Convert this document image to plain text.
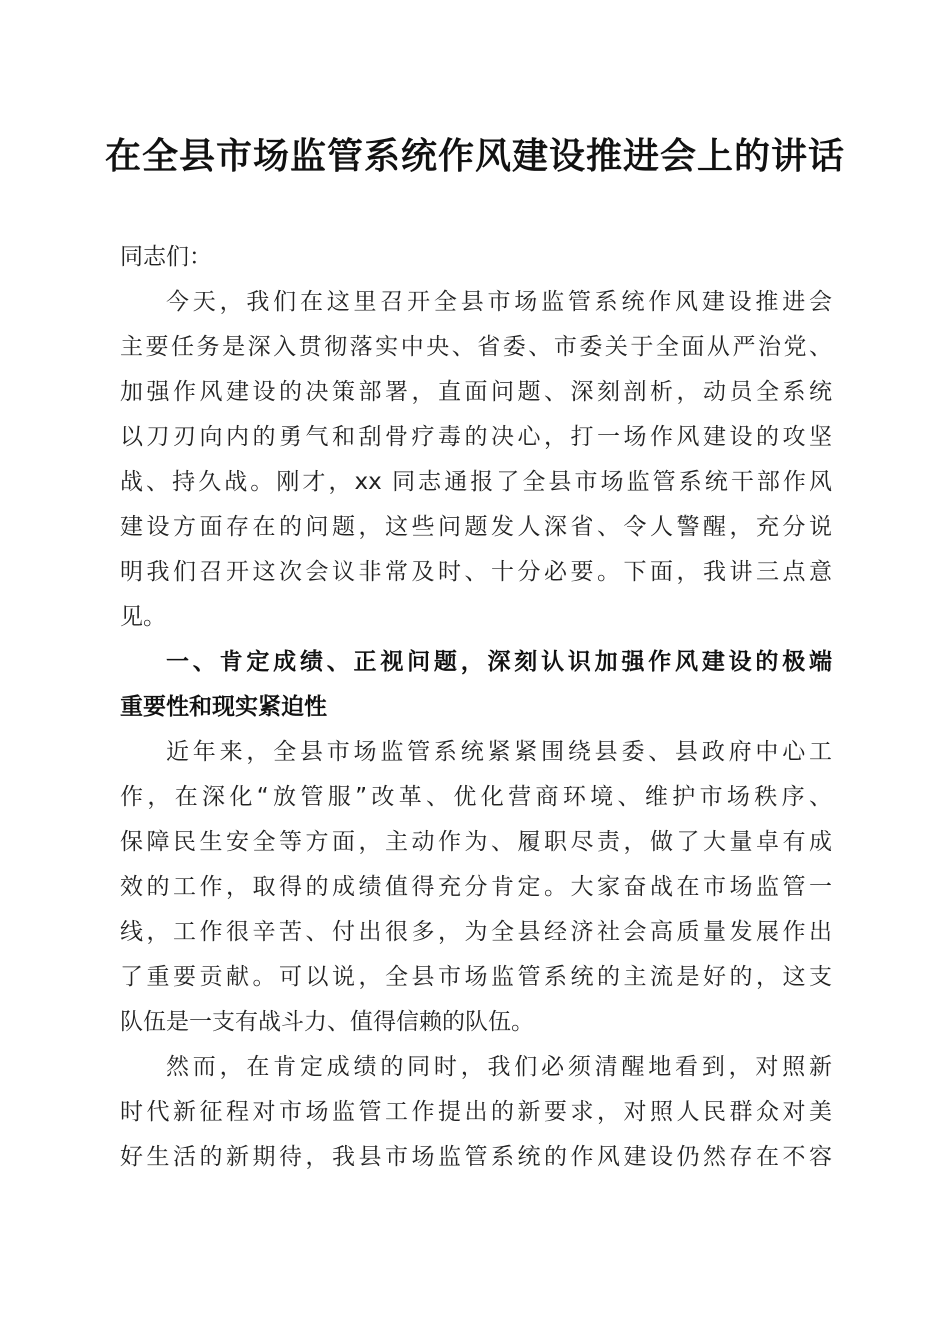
在全县市场监管系统作风建设推进会上的讲话

同志们：

今天，我们在这里召开全县市场监管系统作风建设推进会
主要任务是深入贯彻落实中央、省委、市委关于全面从严治党、
加强作风建设的决策部署，直面问题、深刻剖析，动员全系统
以刀刃向内的勇气和刮骨疗毒的决心，打一场作风建设的攻坚
战、持久战。刚才，xx 同志通报了全县市场监管系统干部作风
建设方面存在的问题，这些问题发人深省、令人警醒，充分说
明我们召开这次会议非常及时、十分必要。下面，我讲三点意
见。

一、肯定成绩、正视问题，深刻认识加强作风建设的极端
重要性和现实紧迫性

近年来，全县市场监管系统紧紧围绕县委、县政府中心工
作，在深化“放管服”改革、优化营商环境、维护市场秩序、
保障民生安全等方面，主动作为、履职尽责，做了大量卓有成
效的工作，取得的成绩值得充分肯定。大家奋战在市场监管一
线，工作很辛苦、付出很多，为全县经济社会高质量发展作出
了重要贡献。可以说，全县市场监管系统的主流是好的，这支
队伍是一支有战斗力、值得信赖的队伍。

然而，在肯定成绩的同时，我们必须清醒地看到，对照新
时代新征程对市场监管工作提出的新要求，对照人民群众对美
好生活的新期待，我县市场监管系统的作风建设仍然存在不容
